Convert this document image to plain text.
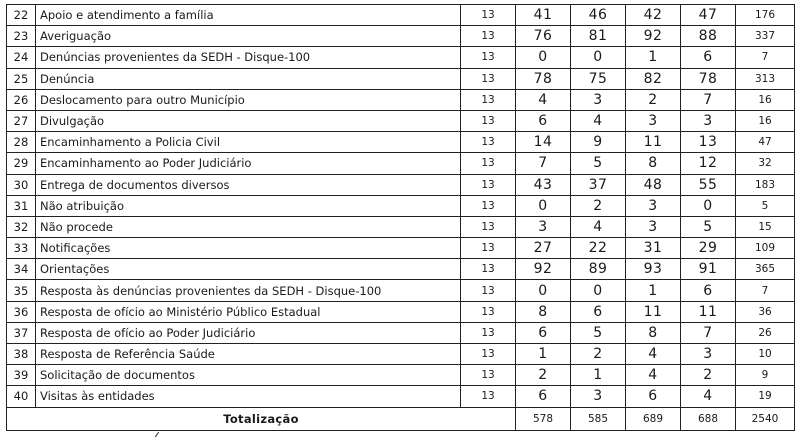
22	Apoio e atendimento a família	13	41	46	42	47	176
23	Averiguação	13	76	81	92	88	337
24	Denúncias provenientes da SEDH - Disque-100	13	0	0	1	6	7
25	Denúncia	13	78	75	82	78	313
26	Deslocamento para outro Município	13	4	3	2	7	16
27	Divulgação	13	6	4	3	3	16
28	Encaminhamento a Policia Civil	13	14	9	11	13	47
29	Encaminhamento ao Poder Judiciário	13	7	5	8	12	32
30	Entrega de documentos diversos	13	43	37	48	55	183
31	Não atribuição	13	0	2	3	0	5
32	Não procede	13	3	4	3	5	15
33	Notificações	13	27	22	31	29	109
34	Orientações	13	92	89	93	91	365
35	Resposta às denúncias provenientes da SEDH - Disque-100	13	0	0	1	6	7
36	Resposta de ofício ao Ministério Público Estadual	13	8	6	11	11	36
37	Resposta de ofício ao Poder Judiciário	13	6	5	8	7	26
38	Resposta de Referência Saúde	13	1	2	4	3	10
39	Solicitação de documentos	13	2	1	4	2	9
40	Visitas às entidades	13	6	3	6	4	19
Totalização			578	585	689	688	2540
